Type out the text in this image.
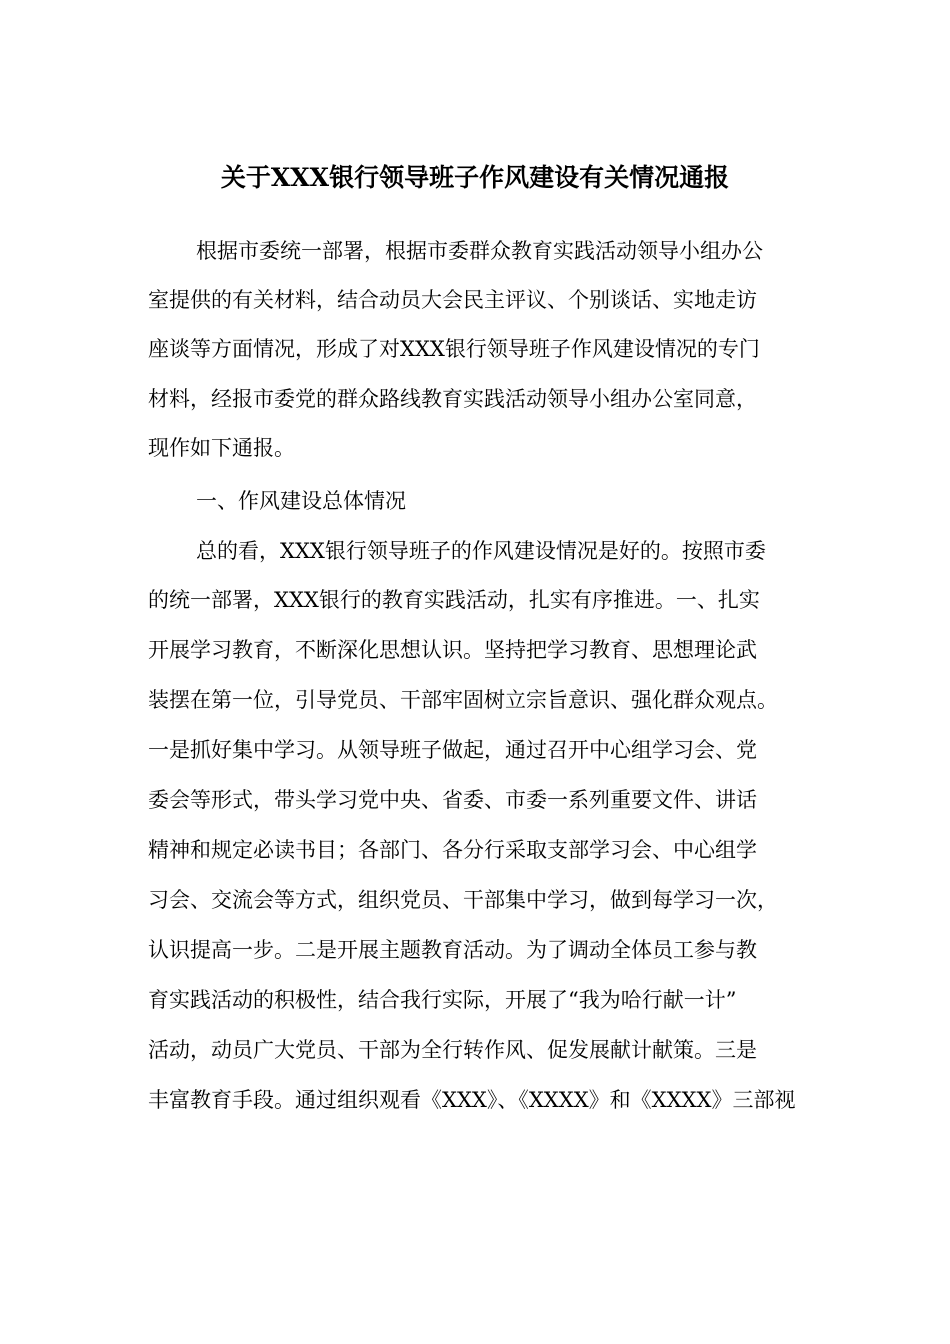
关于XXX银行领导班子作风建设有关情况通报

根据市委统一部署，根据市委群众教育实践活动领导小组办公

室提供的有关材料，结合动员大会民主评议、个别谈话、实地走访

座谈等方面情况，形成了对XXX银行领导班子作风建设情况的专门

材料，经报市委党的群众路线教育实践活动领导小组办公室同意，

现作如下通报。

一、作风建设总体情况

总的看，XXX银行领导班子的作风建设情况是好的。按照市委

的统一部署，XXX银行的教育实践活动，扎实有序推进。一、扎实

开展学习教育，不断深化思想认识。坚持把学习教育、思想理论武

装摆在第一位，引导党员、干部牢固树立宗旨意识、强化群众观点。

一是抓好集中学习。从领导班子做起，通过召开中心组学习会、党

委会等形式，带头学习党中央、省委、市委一系列重要文件、讲话

精神和规定必读书目；各部门、各分行采取支部学习会、中心组学

习会、交流会等方式，组织党员、干部集中学习，做到每学习一次，

认识提高一步。二是开展主题教育活动。为了调动全体员工参与教

育实践活动的积极性，结合我行实际，开展了“我为哈行献一计”

活动，动员广大党员、干部为全行转作风、促发展献计献策。三是

丰富教育手段。通过组织观看《XXX》、《XXXX》和《XXXX》三部视
